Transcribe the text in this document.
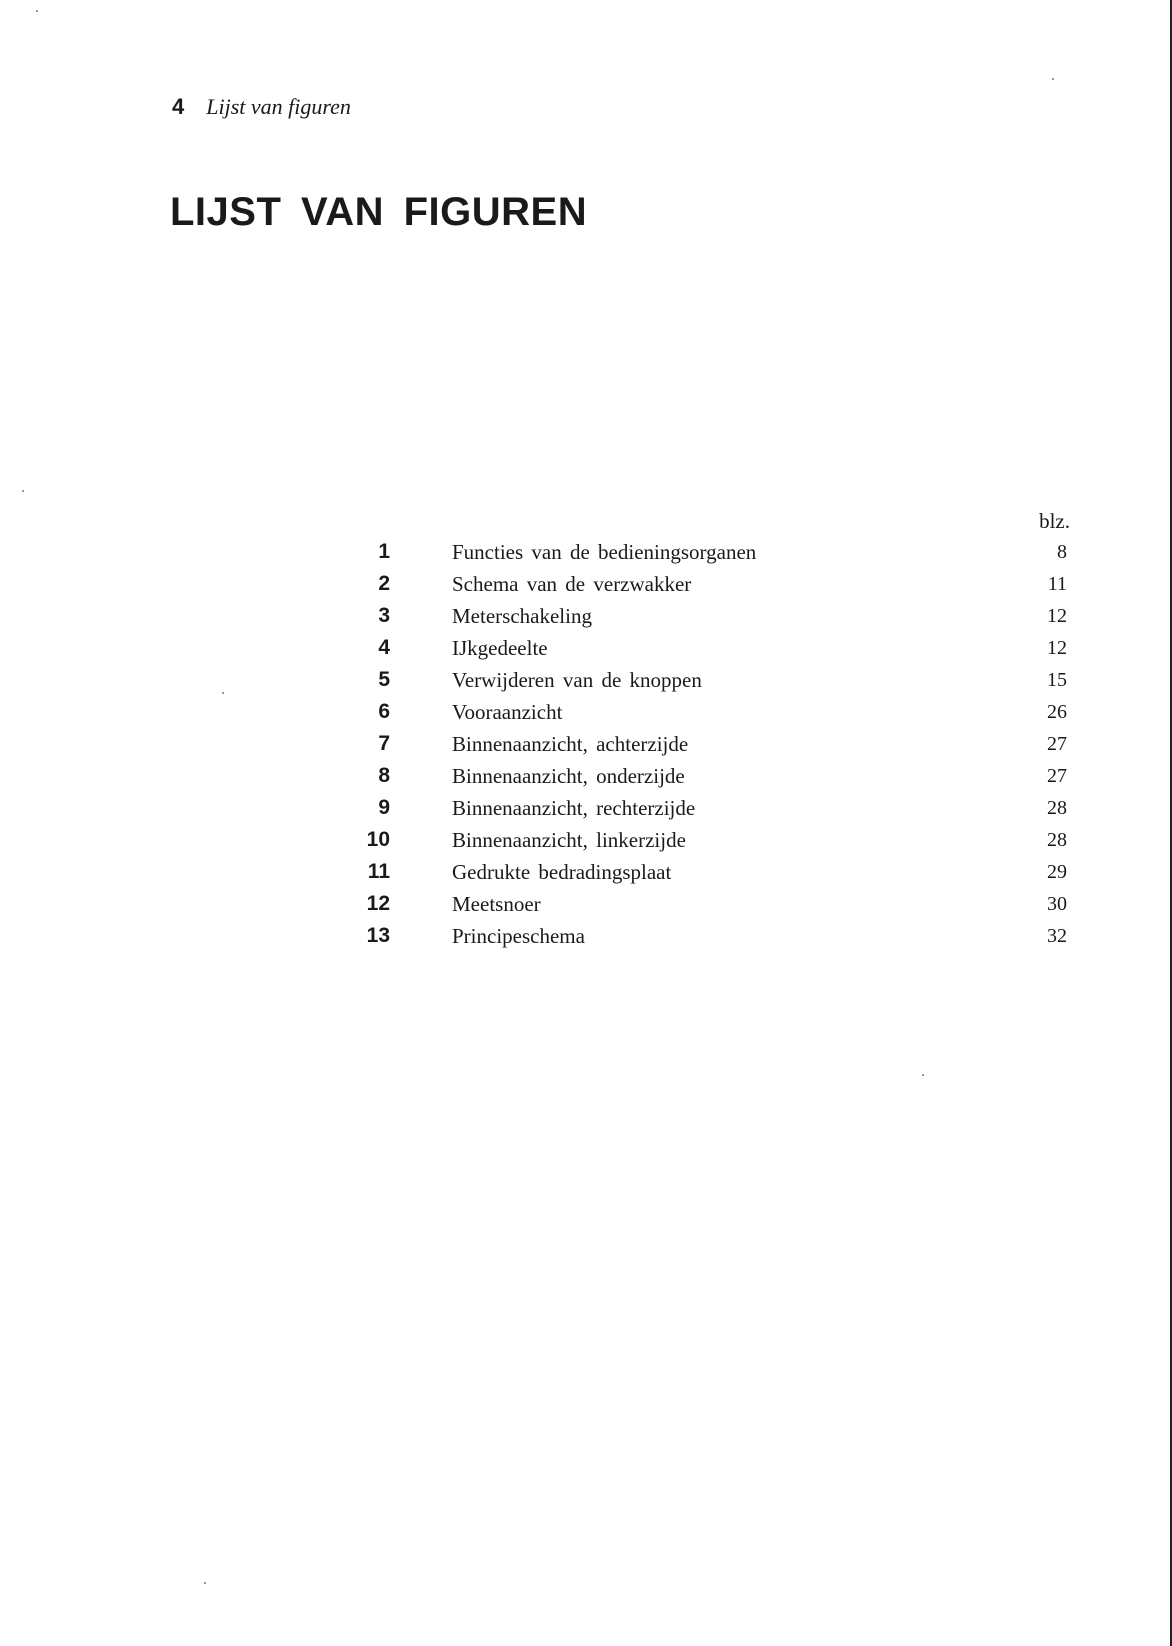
4 Lijst van figuren
LIJST VAN FIGUREN
blz.
1	Functies van de bedieningsorganen	8
2	Schema van de verzwakker	11
3	Meterschakeling	12
4	IJkgedeelte	12
5	Verwijderen van de knoppen	15
6	Vooraanzicht	26
7	Binnenaanzicht, achterzijde	27
8	Binnenaanzicht, onderzijde	27
9	Binnenaanzicht, rechterzijde	28
10	Binnenaanzicht, linkerzijde	28
11	Gedrukte bedradingsplaat	29
12	Meetsnoer	30
13	Principeschema	32
